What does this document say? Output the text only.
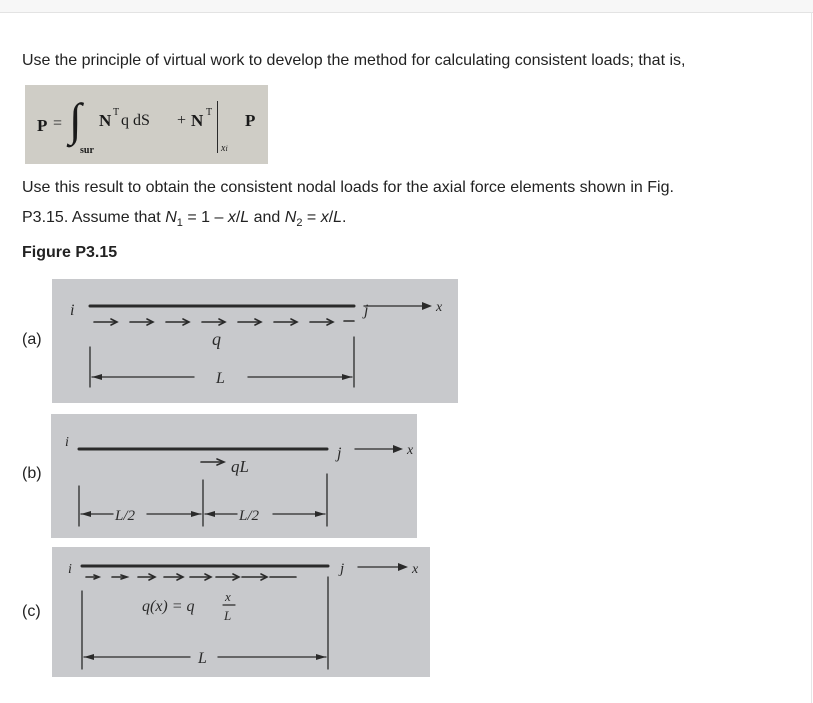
Use the principle of virtual work to develop the method for calculating consistent loads; that is,

P = ∫
sur
N T q dS + N T
xi
P

Use this result to obtain the consistent nodal loads for the axial force elements shown in Fig.

P3.15. Assume that $N_1 = 1 - x/L$ and $N_2 = x/L$.

Figure P3.15

(a)
i	j	x
q
L
(b)
i
j	x
qL
L/2	L/2
(c)
i	j	x
q(x) = q
x
L
L
